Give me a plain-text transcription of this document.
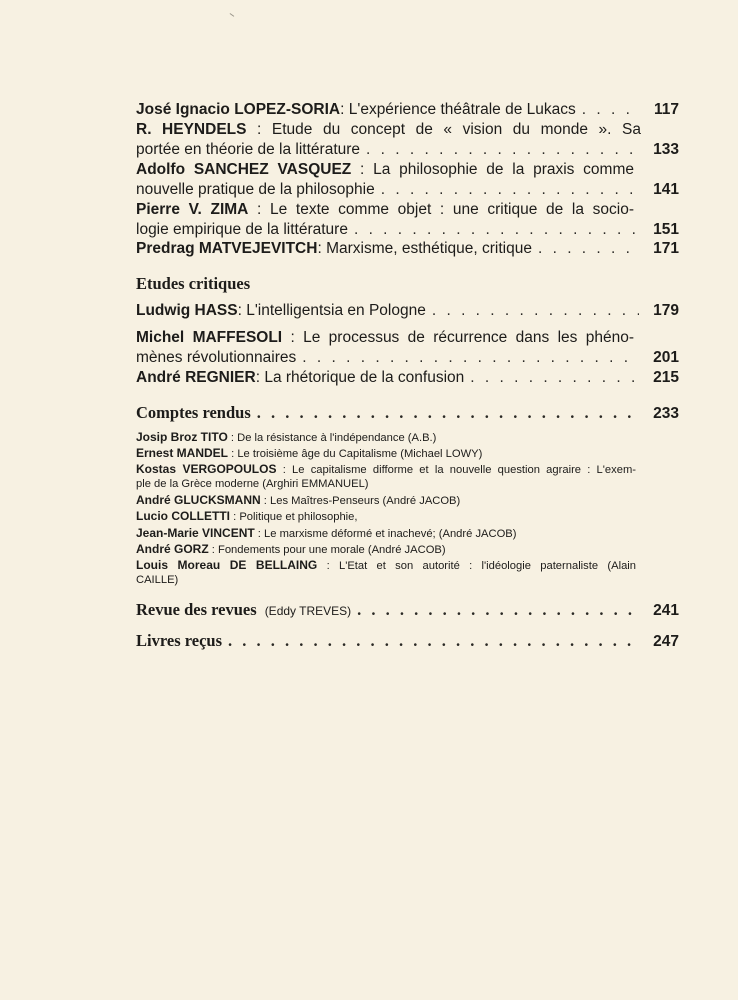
José Ignacio LOPEZ-SORIA : L'expérience théâtrale de Lukacs . . .	117
R. HEYNDELS : Etude du concept de « vision du monde ». Sa
portée en théorie de la littérature . . .	133
Adolfo SANCHEZ VASQUEZ : La philosophie de la praxis comme
nouvelle pratique de la philosophie . . .	141
Pierre V. ZIMA : Le texte comme objet : une critique de la socio-
logie empirique de la littérature . . .	151
Predrag MATVEJEVITCH : Marxisme, esthétique, critique . . .	171
Etudes critiques
Ludwig HASS : L'intelligentsia en Pologne . . .	179
Michel MAFFESOLI : Le processus de récurrence dans les phéno-
mènes révolutionnaires . . .	201
André REGNIER : La rhétorique de la confusion . . .	215
Comptes rendus . . .	233
Josip Broz TITO : De la résistance à l'indépendance (A.B.)
Ernest MANDEL : Le troisième âge du Capitalisme (Michael LOWY)
Kostas VERGOPOULOS : Le capitalisme difforme et la nouvelle question agraire : L'exem-
ple de la Grèce moderne (Arghiri EMMANUEL)
André GLUCKSMANN : Les Maîtres-Penseurs (André JACOB)
Lucio COLLETTI : Politique et philosophie,
Jean-Marie VINCENT : Le marxisme déformé et inachevé; (André JACOB)
André GORZ : Fondements pour une morale (André JACOB)
Louis Moreau DE BELLAING : L'Etat et son autorité : l'idéologie paternaliste (Alain
CAILLE)
Revue des revues (Eddy TREVES) . . .	241
Livres reçus . . .	247
